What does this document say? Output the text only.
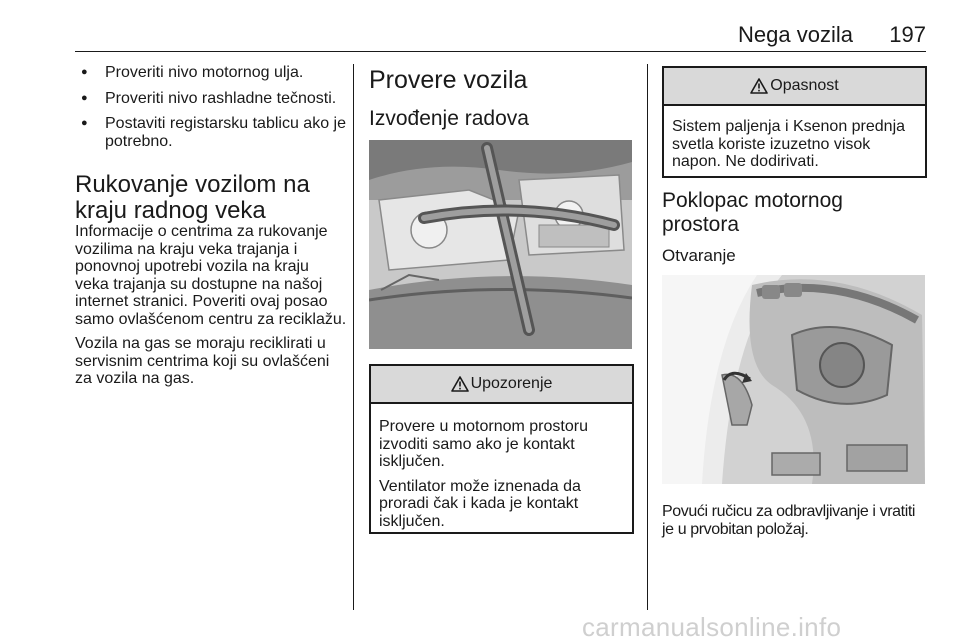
Nega vozila	197
● Proveriti nivo motornog ulja.
● Proveriti nivo rashladne tečnosti.
● Postaviti registarsku tablicu ako je potrebno.
Rukovanje vozilom na kraju radnog veka

Informacije o centrima za rukovanje vozilima na kraju veka trajanja i ponovnoj upotrebi vozila na kraju veka trajanja su dostupne na našoj internet stranici. Poveriti ovaj posao samo ovlašćenom centru za reciklažu.

Vozila na gas se moraju reciklirati u servisnim centrima koji su ovlašćeni za vozila na gas.

Provere vozila
Izvođenje radova
Upozorenje

Provere u motornom prostoru izvoditi samo ako je kontakt isključen.

Ventilator može iznenada da proradi čak i kada je kontakt isključen.

Opasnost

Sistem paljenja i Ksenon prednja svetla koriste izuzetno visok napon. Ne dodirivati.

Poklopac motornog prostora
Otvaranje

Povući ručicu za odbravljivanje i vratiti je u prvobitan položaj.

carmanualsonline.info
